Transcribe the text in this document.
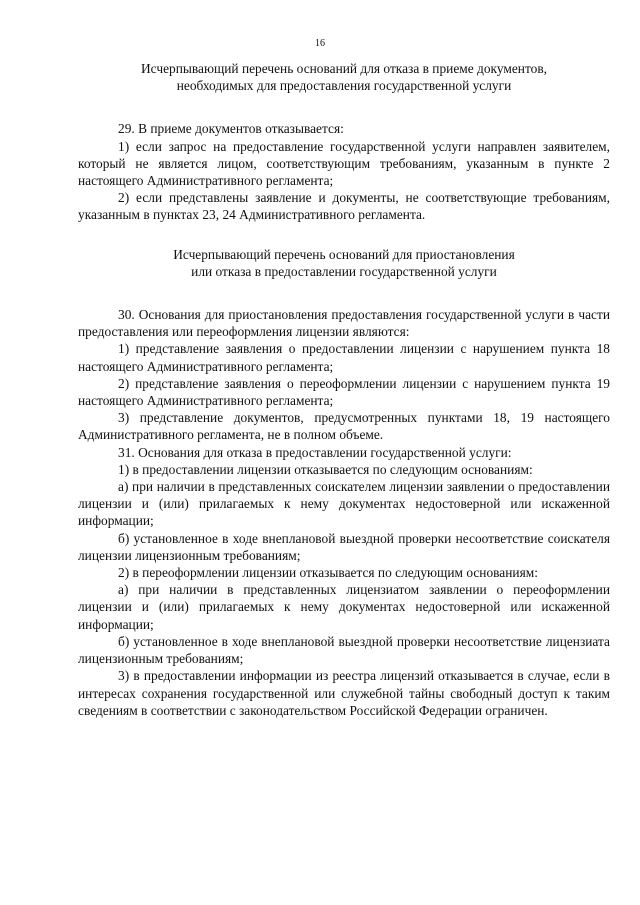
16
Исчерпывающий перечень оснований для отказа в приеме документов,
необходимых для предоставления государственной услуги

29. В приеме документов отказывается:

1) если запрос на предоставление государственной услуги направлен заявителем, который не является лицом, соответствующим требованиям, указанным в пункте 2 настоящего Административного регламента;

2) если представлены заявление и документы, не соответствующие требованиям, указанным в пунктах 23, 24 Административного регламента.

Исчерпывающий перечень оснований для приостановления
или отказа в предоставлении государственной услуги

30. Основания для приостановления предоставления государственной услуги в части предоставления или переоформления лицензии являются:

1) представление заявления о предоставлении лицензии с нарушением пункта 18 настоящего Административного регламента;

2) представление заявления о переоформлении лицензии с нарушением пункта 19 настоящего Административного регламента;

3) представление документов, предусмотренных пунктами 18, 19 настоящего Административного регламента, не в полном объеме.

31. Основания для отказа в предоставлении государственной услуги:

1) в предоставлении лицензии отказывается по следующим основаниям:

а) при наличии в представленных соискателем лицензии заявлении о предоставлении лицензии и (или) прилагаемых к нему документах недостоверной или искаженной информации;

б) установленное в ходе внеплановой выездной проверки несоответствие соискателя лицензии лицензионным требованиям;

2) в переоформлении лицензии отказывается по следующим основаниям:

а) при наличии в представленных лицензиатом заявлении о переоформлении лицензии и (или) прилагаемых к нему документах недостоверной или искаженной информации;

б) установленное в ходе внеплановой выездной проверки несоответствие лицензиата лицензионным требованиям;

3) в предоставлении информации из реестра лицензий отказывается в случае, если в интересах сохранения государственной или служебной тайны свободный доступ к таким сведениям в соответствии с законодательством Российской Федерации ограничен.
